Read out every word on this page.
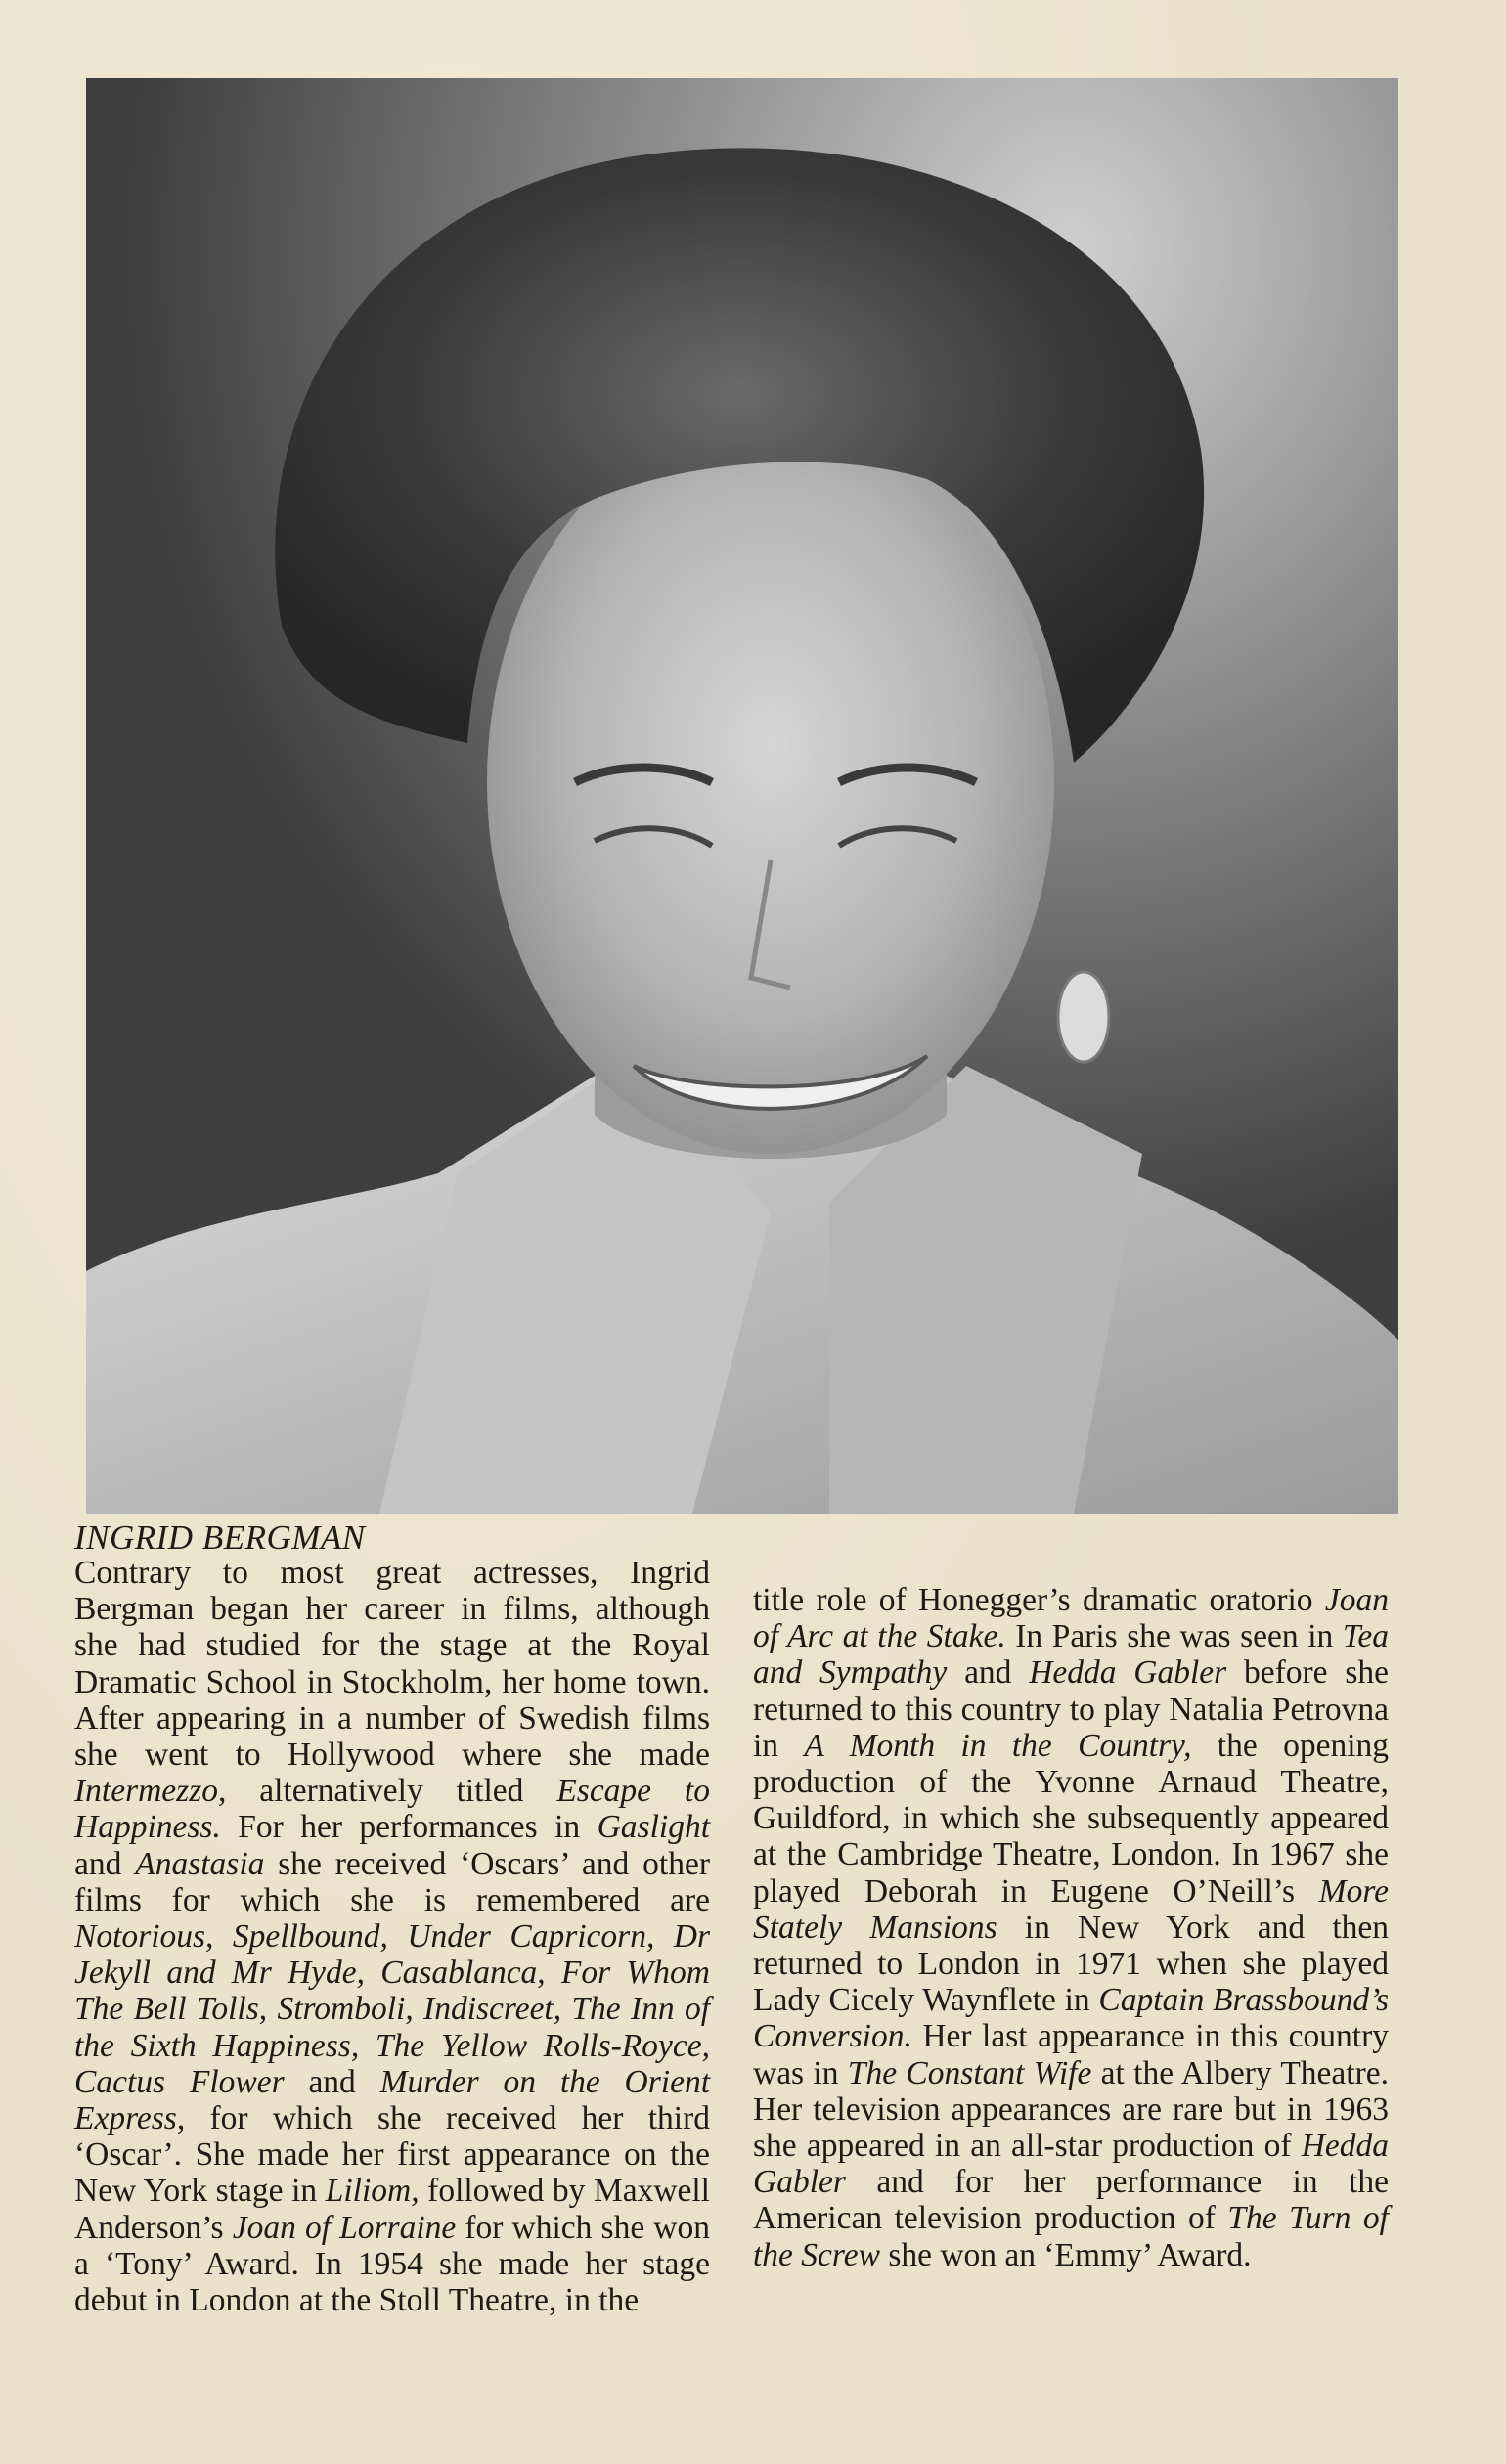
INGRID BERGMAN

Contrary to most great actresses, Ingrid Bergman began her career in films, although she had studied for the stage at the Royal Dramatic School in Stockholm, her home town. After appearing in a number of Swedish films she went to Hollywood where she made Intermezzo, alternatively titled Escape to Happiness. For her performances in Gaslight and Anastasia she received ‘Oscars’ and other films for which she is remembered are Notorious, Spellbound, Under Capricorn, Dr Jekyll and Mr Hyde, Casablanca, For Whom The Bell Tolls, Stromboli, Indiscreet, The Inn of the Sixth Happiness, The Yellow Rolls-Royce, Cactus Flower and Murder on the Orient Express, for which she received her third ‘Oscar’. She made her first appearance on the New York stage in Liliom, followed by Maxwell Anderson’s Joan of Lorraine for which she won a ‘Tony’ Award. In 1954 she made her stage debut in London at the Stoll Theatre, in the

title role of Honegger’s dramatic oratorio Joan of Arc at the Stake. In Paris she was seen in Tea and Sympathy and Hedda Gabler before she returned to this country to play Natalia Petrovna in A Month in the Country, the opening production of the Yvonne Arnaud Theatre, Guildford, in which she subsequently appeared at the Cambridge Theatre, London. In 1967 she played Deborah in Eugene O’Neill’s More Stately Mansions in New York and then returned to London in 1971 when she played Lady Cicely Waynflete in Captain Brassbound’s Conversion. Her last appearance in this country was in The Constant Wife at the Albery Theatre. Her television appearances are rare but in 1963 she appeared in an all-star production of Hedda Gabler and for her performance in the American television production of The Turn of the Screw she won an ‘Emmy’ Award.
